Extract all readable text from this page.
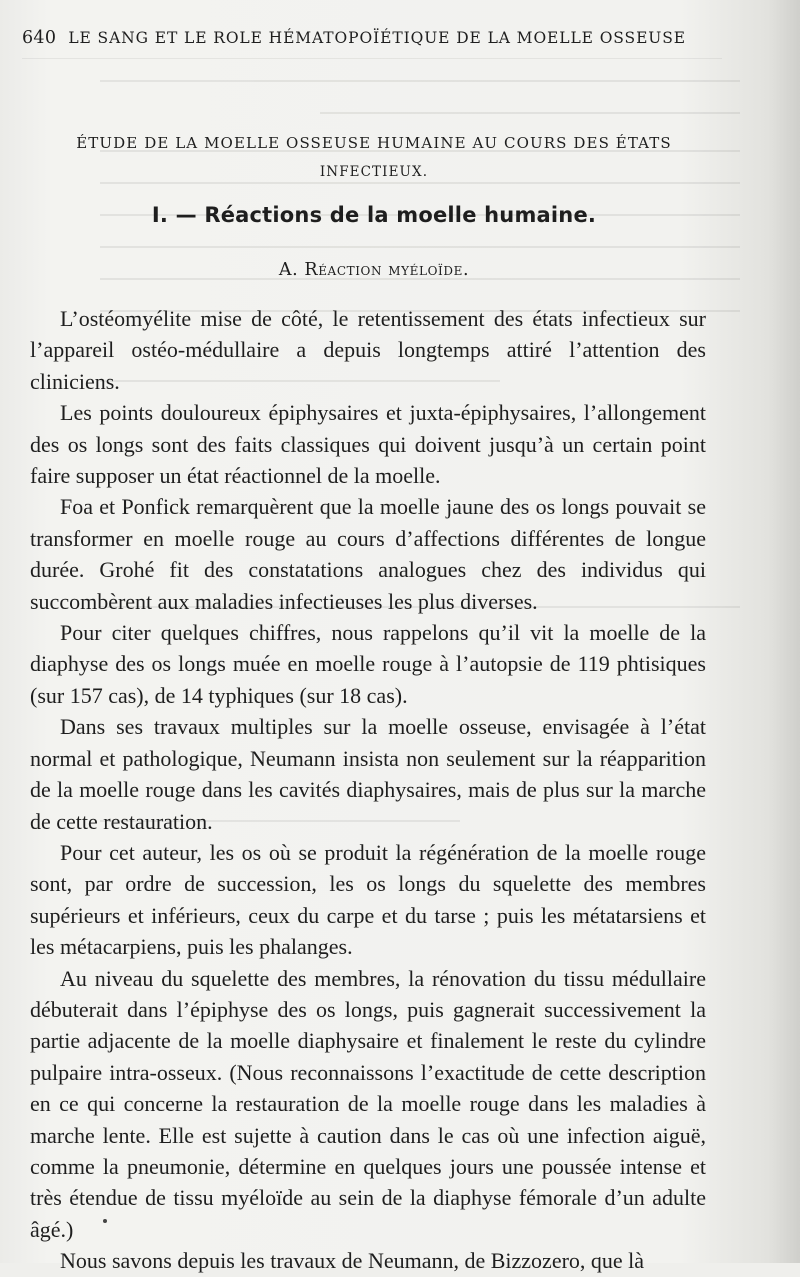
640 LE SANG ET LE ROLE HÉMATOPOÏÉTIQUE DE LA MOELLE OSSEUSE
ÉTUDE DE LA MOELLE OSSEUSE HUMAINE AU COURS DES ÉTATS
INFECTIEUX.
I. — Réactions de la moelle humaine.
A. Réaction myéloïde.

L’ostéomyélite mise de côté, le retentissement des états infectieux sur l’appareil ostéo-médullaire a depuis longtemps attiré l’attention des cliniciens.

Les points douloureux épiphysaires et juxta-épiphysaires, l’allongement des os longs sont des faits classiques qui doivent jusqu’à un certain point faire supposer un état réactionnel de la moelle.

Foa et Ponfick remarquèrent que la moelle jaune des os longs pouvait se transformer en moelle rouge au cours d’affections différentes de longue durée. Grohé fit des constatations analogues chez des individus qui succombèrent aux maladies infectieuses les plus diverses.

Pour citer quelques chiffres, nous rappelons qu’il vit la moelle de la diaphyse des os longs muée en moelle rouge à l’autopsie de 119 phtisiques (sur 157 cas), de 14 typhiques (sur 18 cas).

Dans ses travaux multiples sur la moelle osseuse, envisagée à l’état normal et pathologique, Neumann insista non seulement sur la réapparition de la moelle rouge dans les cavités diaphysaires, mais de plus sur la marche de cette restauration.

Pour cet auteur, les os où se produit la régénération de la moelle rouge sont, par ordre de succession, les os longs du squelette des membres supérieurs et inférieurs, ceux du carpe et du tarse ; puis les métatarsiens et les métacarpiens, puis les phalanges.

Au niveau du squelette des membres, la rénovation du tissu médullaire débuterait dans l’épiphyse des os longs, puis gagnerait successivement la partie adjacente de la moelle diaphysaire et finalement le reste du cylindre pulpaire intra-osseux. (Nous reconnaissons l’exactitude de cette description en ce qui concerne la restauration de la moelle rouge dans les maladies à marche lente. Elle est sujette à caution dans le cas où une infection aiguë, comme la pneumonie, détermine en quelques jours une poussée intense et très étendue de tissu myéloïde au sein de la diaphyse fémorale d’un adulte âgé.)

Nous savons depuis les travaux de Neumann, de Bizzozero, que là
